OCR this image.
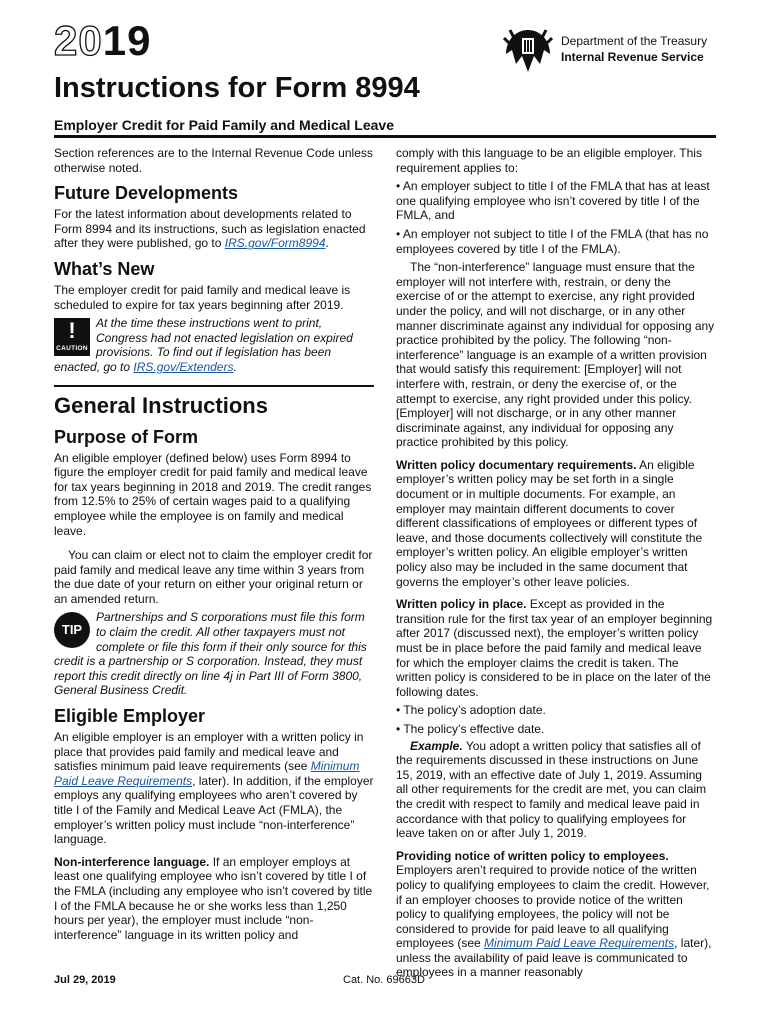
2019	Department of the Treasury
Internal Revenue Service
Instructions for Form 8994
Employer Credit for Paid Family and Medical Leave

Section references are to the Internal Revenue Code unless otherwise noted.

Future Developments

For the latest information about developments related to Form 8994 and its instructions, such as legislation enacted after they were published, go to IRS.gov/Form8994.

What’s New

The employer credit for paid family and medical leave is scheduled to expire for tax years beginning after 2019.

!
CAUTION
At the time these instructions went to print, Congress had not enacted legislation on expired provisions. To find out if legislation has been enacted, go to IRS.gov/Extenders.
General Instructions
Purpose of Form

An eligible employer (defined below) uses Form 8994 to figure the employer credit for paid family and medical leave for tax years beginning in 2018 and 2019. The credit ranges from 12.5% to 25% of certain wages paid to a qualifying employee while the employee is on family and medical leave.

You can claim or elect not to claim the employer credit for paid family and medical leave any time within 3 years from the due date of your return on either your original return or an amended return.

TIP
Partnerships and S corporations must file this form to claim the credit. All other taxpayers must not complete or file this form if their only source for this credit is a partnership or S corporation. Instead, they must report this credit directly on line 4j in Part III of Form 3800, General Business Credit.
Eligible Employer

An eligible employer is an employer with a written policy in place that provides paid family and medical leave and satisfies minimum paid leave requirements (see Minimum Paid Leave Requirements, later). In addition, if the employer employs any qualifying employees who aren’t covered by title I of the Family and Medical Leave Act (FMLA), the employer’s written policy must include “non-interference” language.

Non-interference language. If an employer employs at least one qualifying employee who isn’t covered by title I of the FMLA (including any employee who isn’t covered by title I of the FMLA because he or she works less than 1,250 hours per year), the employer must include “non-interference” language in its written policy and

comply with this language to be an eligible employer. This requirement applies to:

• An employer subject to title I of the FMLA that has at least one qualifying employee who isn’t covered by title I of the FMLA, and

• An employer not subject to title I of the FMLA (that has no employees covered by title I of the FMLA).

The “non-interference” language must ensure that the employer will not interfere with, restrain, or deny the exercise of or the attempt to exercise, any right provided under the policy, and will not discharge, or in any other manner discriminate against any individual for opposing any practice prohibited by the policy. The following “non-interference” language is an example of a written provision that would satisfy this requirement: [Employer] will not interfere with, restrain, or deny the exercise of, or the attempt to exercise, any right provided under this policy. [Employer] will not discharge, or in any other manner discriminate against, any individual for opposing any practice prohibited by this policy.

Written policy documentary requirements. An eligible employer’s written policy may be set forth in a single document or in multiple documents. For example, an employer may maintain different documents to cover different classifications of employees or different types of leave, and those documents collectively will constitute the employer’s written policy. An eligible employer’s written policy also may be included in the same document that governs the employer’s other leave policies.

Written policy in place. Except as provided in the transition rule for the first tax year of an employer beginning after 2017 (discussed next), the employer’s written policy must be in place before the paid family and medical leave for which the employer claims the credit is taken. The written policy is considered to be in place on the later of the following dates.

• The policy’s adoption date.

• The policy’s effective date.

Example. You adopt a written policy that satisfies all of the requirements discussed in these instructions on June 15, 2019, with an effective date of July 1, 2019. Assuming all other requirements for the credit are met, you can claim the credit with respect to family and medical leave paid in accordance with that policy to qualifying employees for leave taken on or after July 1, 2019.

Providing notice of written policy to employees. Employers aren’t required to provide notice of the written policy to qualifying employees to claim the credit. However, if an employer chooses to provide notice of the written policy to qualifying employees, the policy will not be considered to provide for paid leave to all qualifying employees (see Minimum Paid Leave Requirements, later), unless the availability of paid leave is communicated to employees in a manner reasonably

Jul 29, 2019	Cat. No. 69663D
